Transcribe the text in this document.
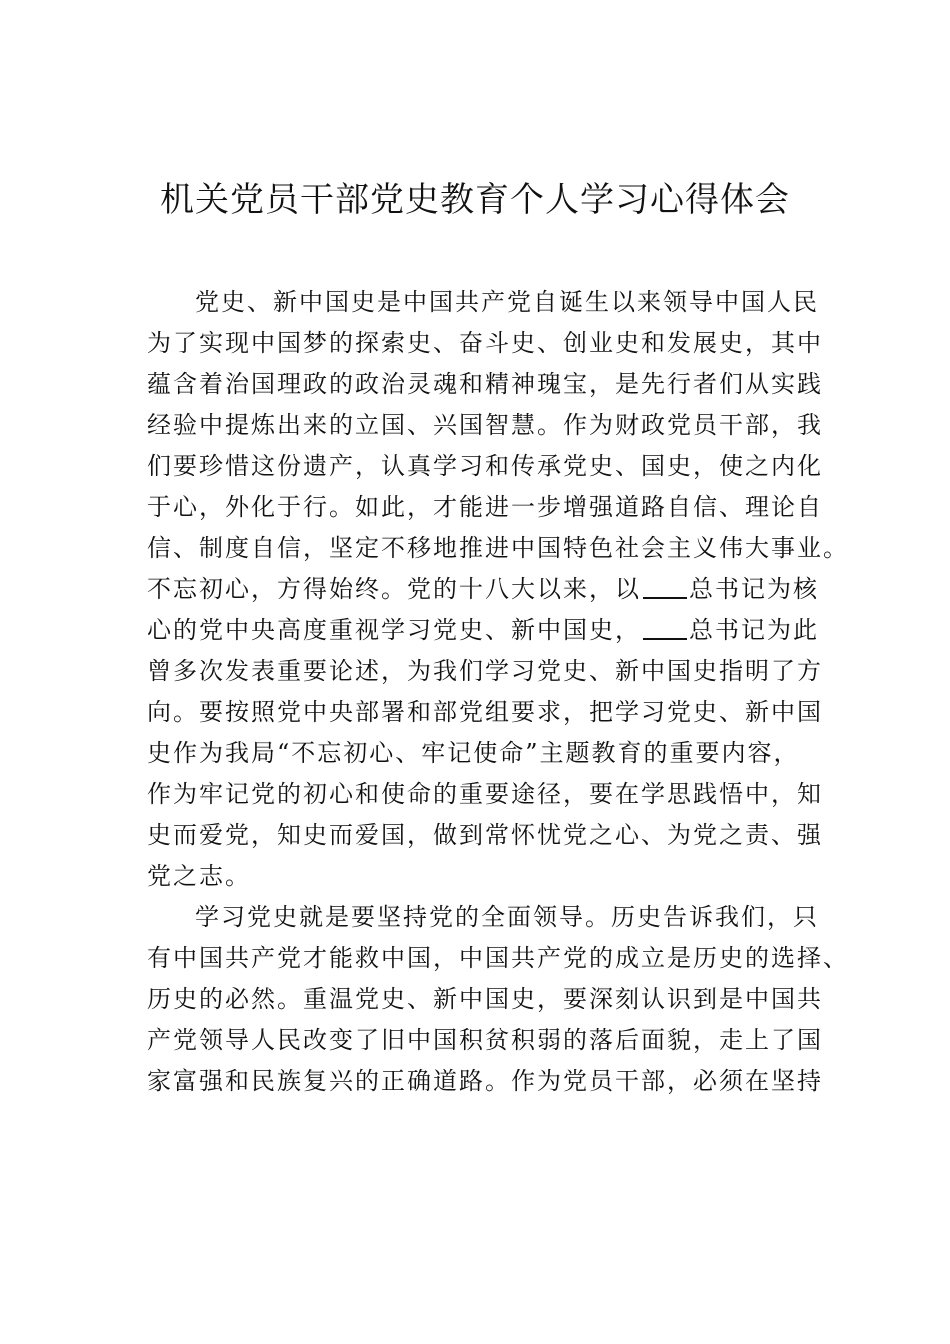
机关党员干部党史教育个人学习心得体会
党史、新中国史是中国共产党自诞生以来领导中国人民
为了实现中国梦的探索史、奋斗史、创业史和发展史，其中
蕴含着治国理政的政治灵魂和精神瑰宝，是先行者们从实践
经验中提炼出来的立国、兴国智慧。作为财政党员干部，我
们要珍惜这份遗产，认真学习和传承党史、国史，使之内化
于心，外化于行。如此，才能进一步增强道路自信、理论自
信、制度自信，坚定不移地推进中国特色社会主义伟大事业。
不忘初心，方得始终。党的十八大以来，以 总书记为核
心的党中央高度重视学习党史、新中国史， 总书记为此
曾多次发表重要论述，为我们学习党史、新中国史指明了方
向。要按照党中央部署和部党组要求，把学习党史、新中国
史作为我局“不忘初心、牢记使命”主题教育的重要内容，
作为牢记党的初心和使命的重要途径，要在学思践悟中，知
史而爱党，知史而爱国，做到常怀忧党之心、为党之责、强
党之志。
学习党史就是要坚持党的全面领导。历史告诉我们，只
有中国共产党才能救中国，中国共产党的成立是历史的选择、
历史的必然。重温党史、新中国史，要深刻认识到是中国共
产党领导人民改变了旧中国积贫积弱的落后面貌，走上了国
家富强和民族复兴的正确道路。作为党员干部，必须在坚持
